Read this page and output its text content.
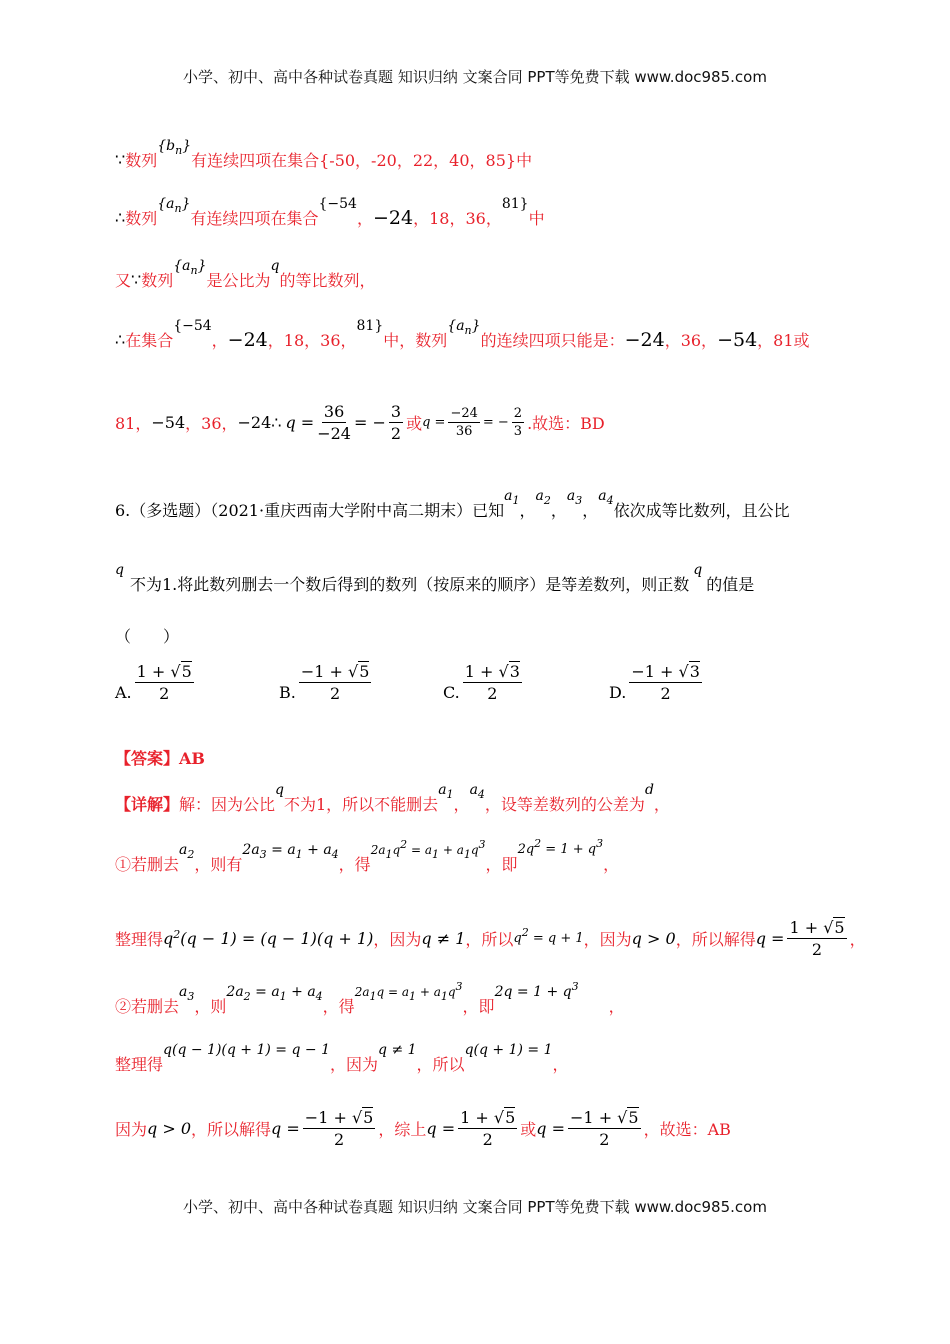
小学、初中、高中各种试卷真题 知识归纳 文案合同 PPT等免费下载 www.doc985.com
∵ 数列
$\{b_n\}$
有连续四项在集合{-50，-20，22，40，85}中
∴ 数列
$\{a_n\}$
有连续四项在集合
{−54
， −24 ，18，36，
81}
中
又 ∵ 数列
$\{a_n\}$
是公比为
q
的等比数列，
∴ 在集合
{−54
， −24 ，18，36，
81}
中，数列
$\{a_n\}$
的连续四项只能是： −24 ，36， −54 ，81或
81， −54 ，36， −24 ∴ $q = \frac{36}{-24}$ = − $\frac{3}{2}$ 或 $q = \frac{-24}{36}$ = − $\frac{2}{3}$ .故选：BD
6.（多选题）（2021·重庆西南大学附中高二期末）已知
$a_1$
，
$a_2$
，
$a_3$
，
$a_4$
依次成等比数列，且公比
q
不为1.将此数列删去一个数后得到的数列（按原来的顺序）是等差数列，则正数
q
的值是
（　　）
A. $\frac{1 + √5}{2}$	B. $\frac{-1 + √5}{2}$	C. $\frac{1 + √3}{2}$	D. $\frac{-1 + √3}{2}$
【答案】AB
【详解】 解：因为公比
q
不为1，所以不能删去
$a_1$
，
$a_4$
，设等差数列的公差为
d
，
①若删去
$a_2$
，则有
$2a_3 = a_1 + a_4$
，得
2a1q2 = a1 + a1q3
，即
$2q^2 = 1 + q^3$
，
整理得 $q^2(q - 1) = (q - 1)(q + 1)$ ，因为 q ≠ 1 ，所以 $q^2 = q + 1$ ，因为 q > 0 ，所以解得 $q = \frac{1 + √5}{2}$ ，
②若删去
$a_3$
，则
$2a_2 = a_1 + a_4$
，得
2a1q = a1 + a1q3
，即
$2q = 1 + q^3$
，
整理得
q(q − 1)(q + 1) = q − 1
，因为
q ≠ 1
，所以
q(q + 1) = 1
，
因为 q > 0 ，所以解得 $q = \frac{-1 + √5}{2}$ ，综上 $q = \frac{1 + √5}{2}$ 或 $q = \frac{-1 + √5}{2}$ ，故选：AB
小学、初中、高中各种试卷真题 知识归纳 文案合同 PPT等免费下载 www.doc985.com
